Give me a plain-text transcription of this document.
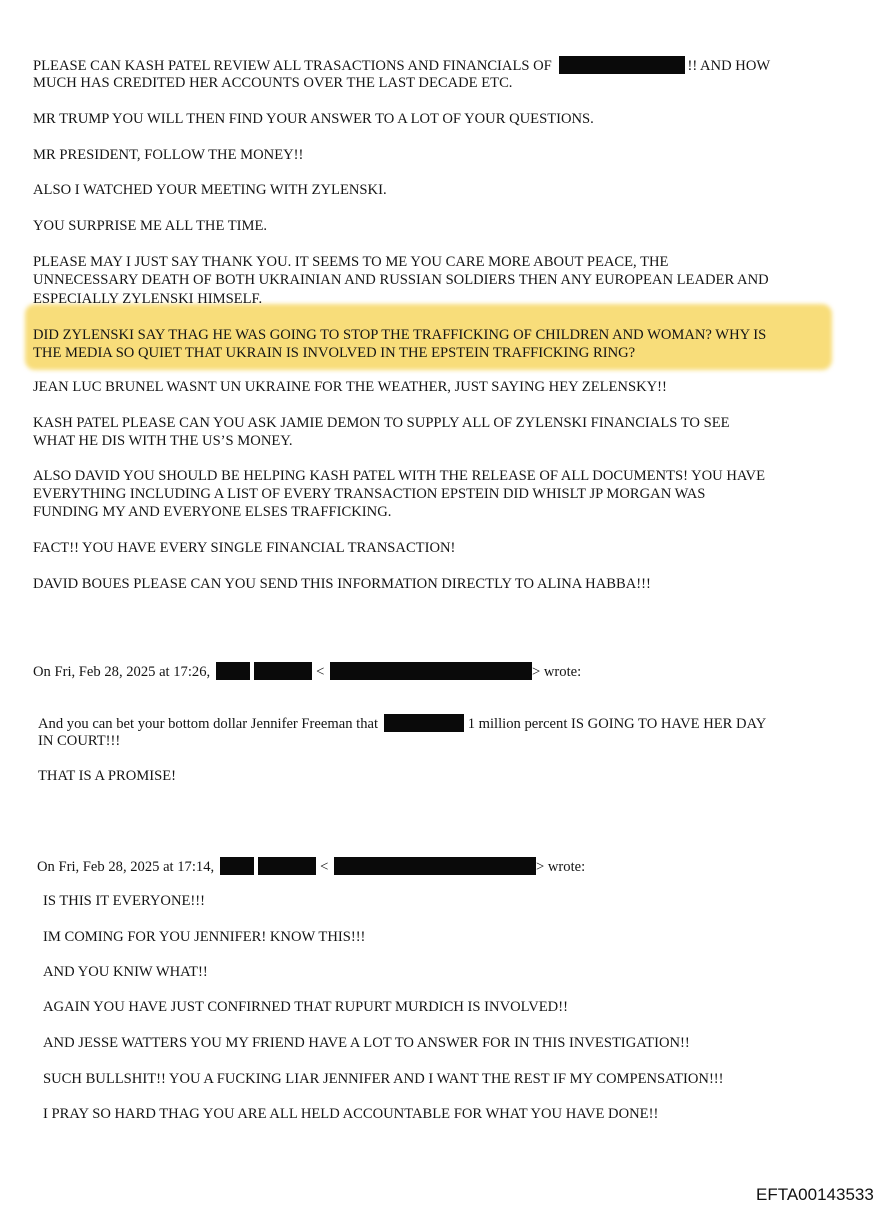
PLEASE CAN KASH PATEL REVIEW ALL TRASACTIONS AND FINANCIALS OF	!! AND HOW
MUCH HAS CREDITED HER ACCOUNTS OVER THE LAST DECADE ETC.
MR TRUMP YOU WILL THEN FIND YOUR ANSWER TO A LOT OF YOUR QUESTIONS.
MR PRESIDENT, FOLLOW THE MONEY!!
ALSO I WATCHED YOUR MEETING WITH ZYLENSKI.
YOU SURPRISE ME ALL THE TIME.
PLEASE MAY I JUST SAY THANK YOU. IT SEEMS TO ME YOU CARE MORE ABOUT PEACE, THE
UNNECESSARY DEATH OF BOTH UKRAINIAN AND RUSSIAN SOLDIERS THEN ANY EUROPEAN LEADER AND
ESPECIALLY ZYLENSKI HIMSELF.
DID ZYLENSKI SAY THAG HE WAS GOING TO STOP THE TRAFFICKING OF CHILDREN AND WOMAN? WHY IS
THE MEDIA SO QUIET THAT UKRAIN IS INVOLVED IN THE EPSTEIN TRAFFICKING RING?
JEAN LUC BRUNEL WASNT UN UKRAINE FOR THE WEATHER, JUST SAYING HEY ZELENSKY!!
KASH PATEL PLEASE CAN YOU ASK JAMIE DEMON TO SUPPLY ALL OF ZYLENSKI FINANCIALS TO SEE
WHAT HE DIS WITH THE US’S MONEY.
ALSO DAVID YOU SHOULD BE HELPING KASH PATEL WITH THE RELEASE OF ALL DOCUMENTS! YOU HAVE
EVERYTHING INCLUDING A LIST OF EVERY TRANSACTION EPSTEIN DID WHISLT JP MORGAN WAS
FUNDING MY AND EVERYONE ELSES TRAFFICKING.
FACT!! YOU HAVE EVERY SINGLE FINANCIAL TRANSACTION!
DAVID BOUES PLEASE CAN YOU SEND THIS INFORMATION DIRECTLY TO ALINA HABBA!!!
On Fri, Feb 28, 2025 at 17:26,	<	> wrote:
And you can bet your bottom dollar Jennifer Freeman that	1 million percent IS GOING TO HAVE HER DAY
IN COURT!!!
THAT IS A PROMISE!
On Fri, Feb 28, 2025 at 17:14,	<	> wrote:
IS THIS IT EVERYONE!!!
IM COMING FOR YOU JENNIFER! KNOW THIS!!!
AND YOU KNIW WHAT!!
AGAIN YOU HAVE JUST CONFIRNED THAT RUPURT MURDICH IS INVOLVED!!
AND JESSE WATTERS YOU MY FRIEND HAVE A LOT TO ANSWER FOR IN THIS INVESTIGATION!!
SUCH BULLSHIT!! YOU A FUCKING LIAR JENNIFER AND I WANT THE REST IF MY COMPENSATION!!!
I PRAY SO HARD THAG YOU ARE ALL HELD ACCOUNTABLE FOR WHAT YOU HAVE DONE!!
EFTA00143533
